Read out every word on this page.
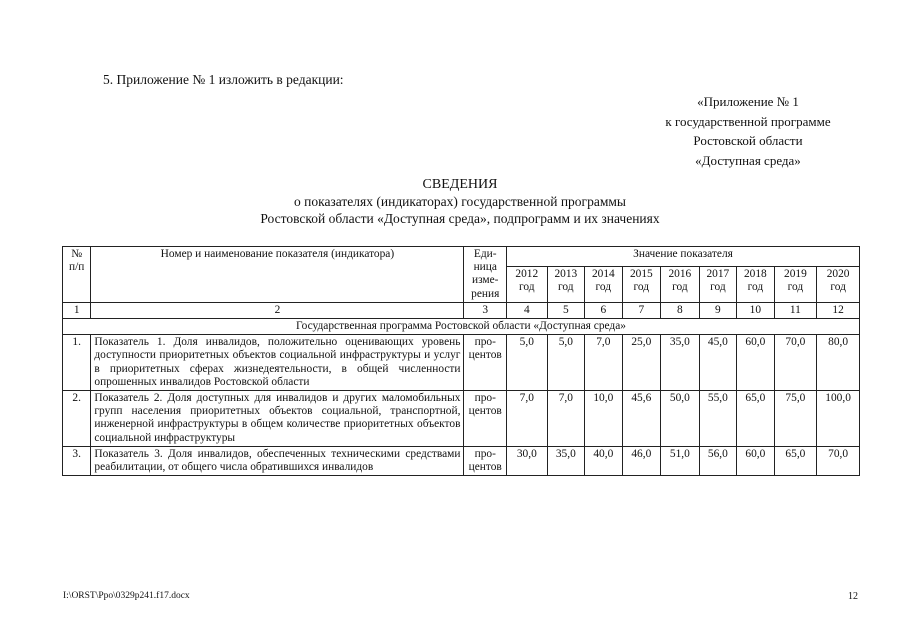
5. Приложение № 1 изложить в редакции:
«Приложение № 1
к государственной программе
Ростовской области
«Доступная среда»
СВЕДЕНИЯ
о показателях (индикаторах) государственной программы
Ростовской области «Доступная среда», подпрограмм и их значениях
№ п/п	Номер и наименование показателя (индикатора)	Еди-ница изме-рения	Значение показателя								
			2012 год	2013 год	2014 год	2015 год	2016 год	2017 год	2018 год	2019 год	2020 год
1	2	3	4	5	6	7	8	9	10	11	12
Государственная программа Ростовской области «Доступная среда»											
1.	Показатель 1. Доля инвалидов, положительно оценивающих уровень доступности приоритетных объектов социальной инфраструктуры и услуг в приоритетных сферах жизнедеятельности, в общей численности опрошенных инвалидов Ростовской области	про-центов	5,0	5,0	7,0	25,0	35,0	45,0	60,0	70,0	80,0
2.	Показатель 2. Доля доступных для инвалидов и других маломобильных групп населения приоритетных объектов социальной, транспортной, инженерной инфраструктуры в общем количестве приоритетных объектов социальной инфраструктуры	про-центов	7,0	7,0	10,0	45,6	50,0	55,0	65,0	75,0	100,0
3.	Показатель 3. Доля инвалидов, обеспеченных техническими средствами реабилитации, от общего числа обратившихся инвалидов	про-центов	30,0	35,0	40,0	46,0	51,0	56,0	60,0	65,0	70,0
I:\ORST\Ppo\0329p241.f17.docx	12
